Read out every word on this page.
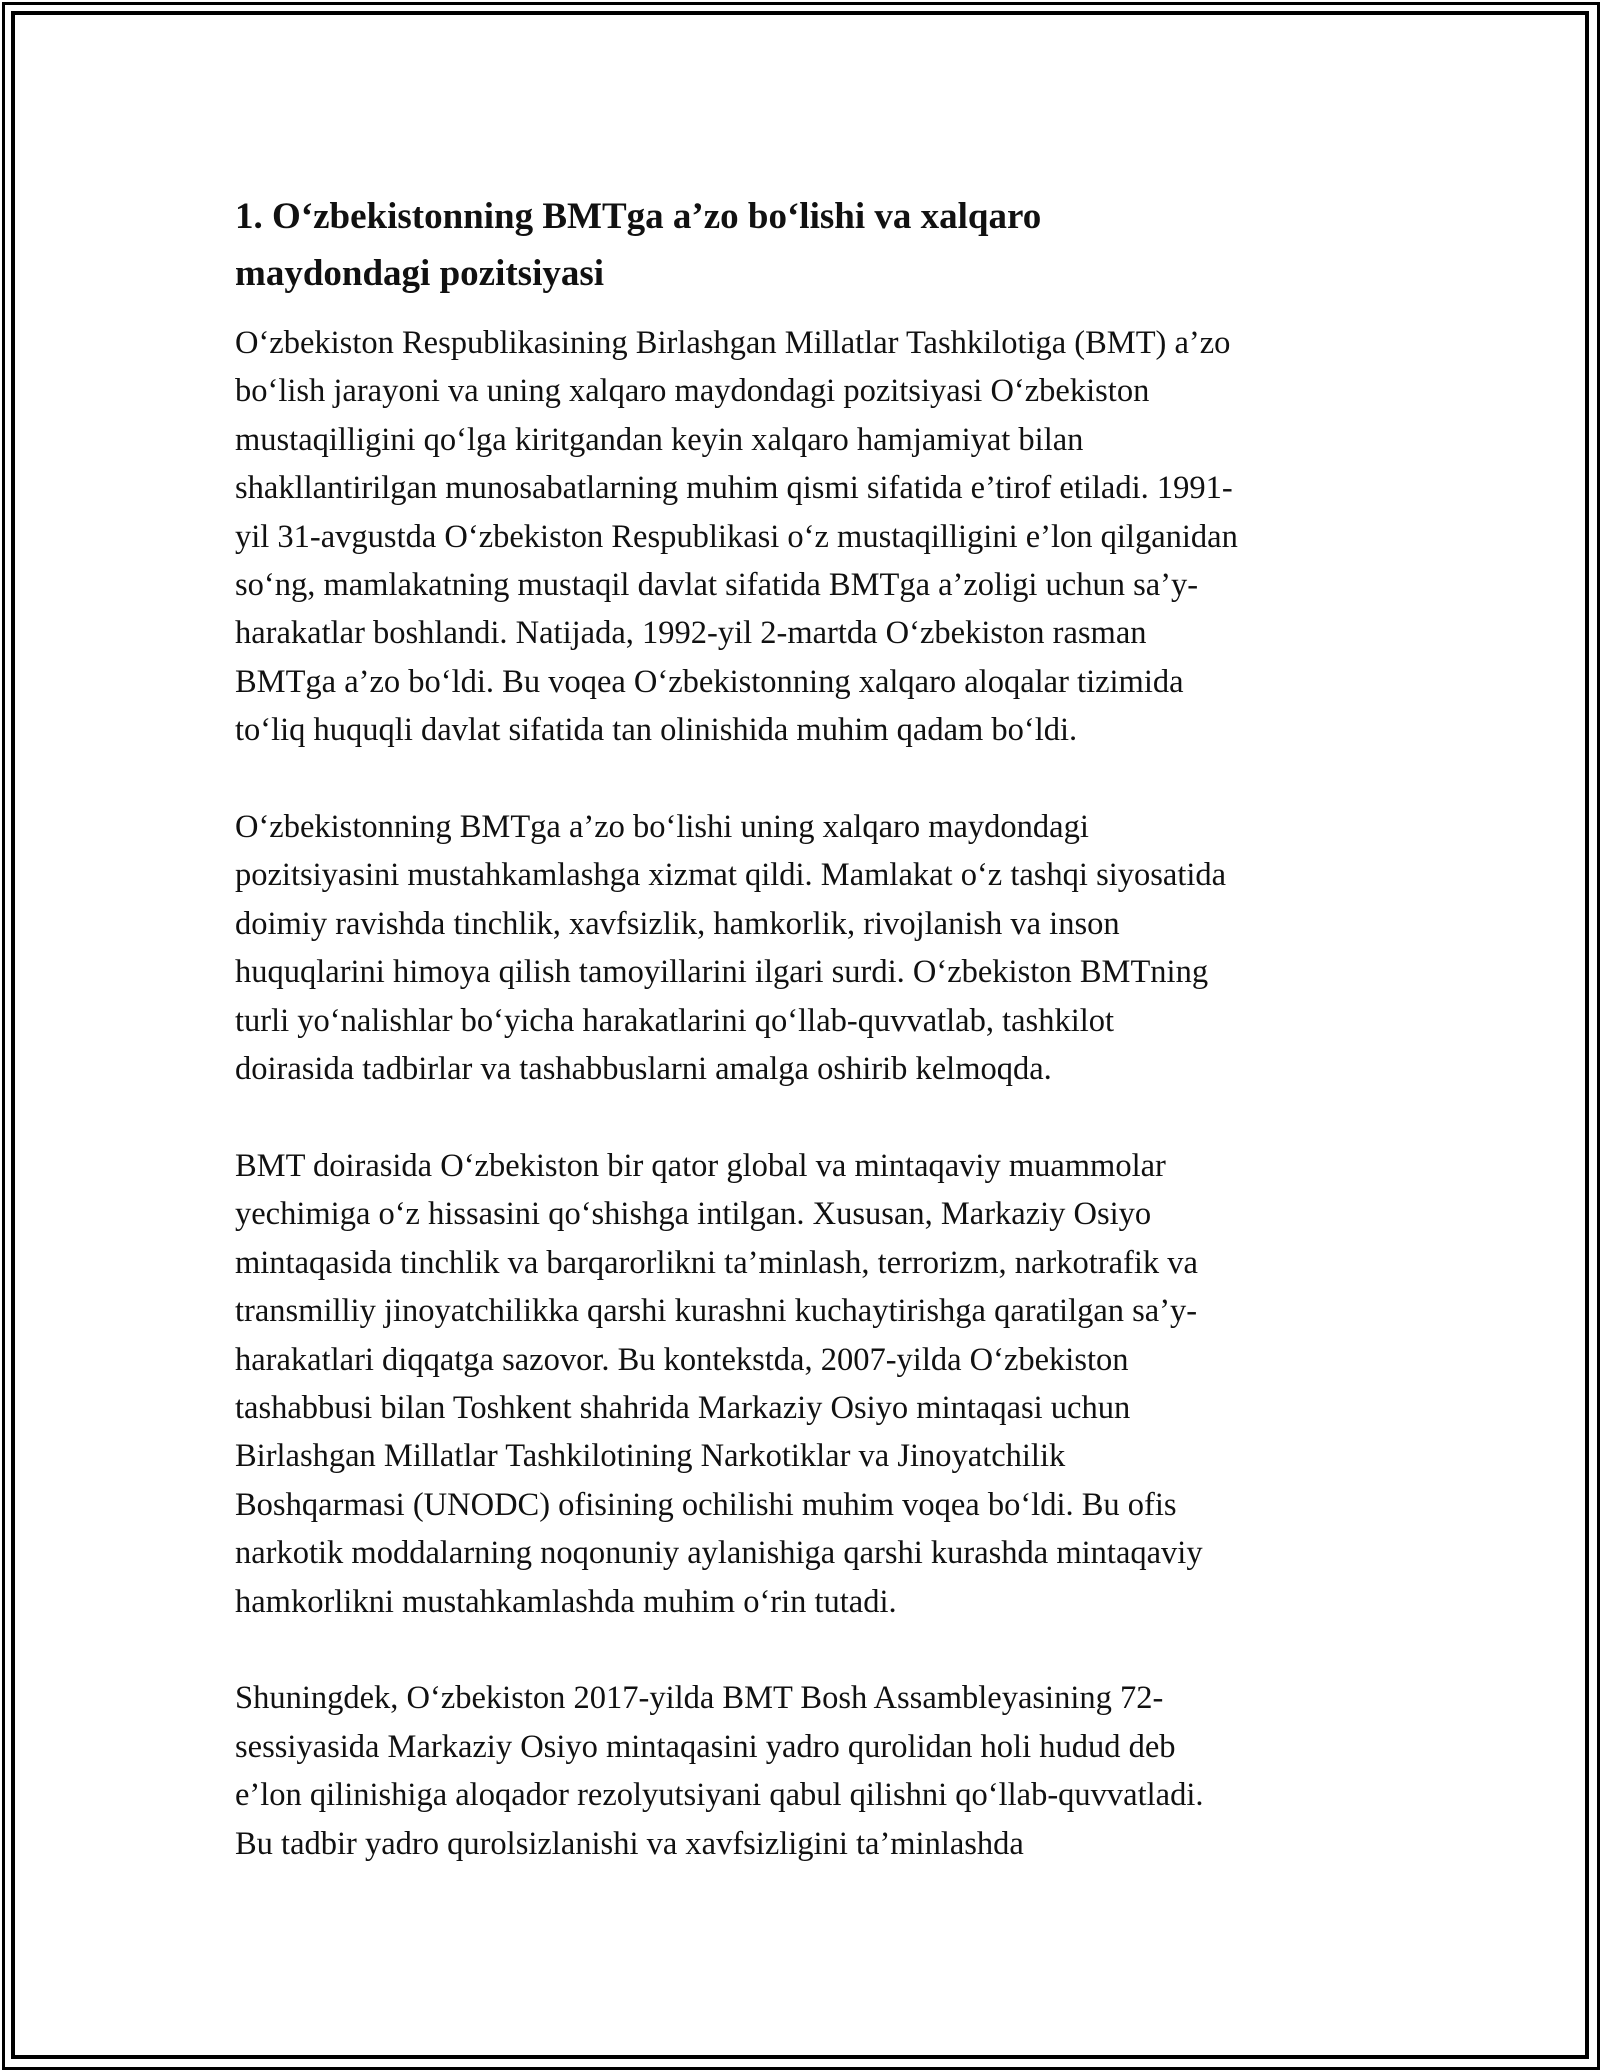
1. O‘zbekistonning BMTga a’zo bo‘lishi va xalqaro
maydondagi pozitsiyasi

O‘zbekiston Respublikasining Birlashgan Millatlar Tashkilotiga (BMT) a’zo
bo‘lish jarayoni va uning xalqaro maydondagi pozitsiyasi O‘zbekiston
mustaqilligini qo‘lga kiritgandan keyin xalqaro hamjamiyat bilan
shakllantirilgan munosabatlarning muhim qismi sifatida e’tirof etiladi. 1991-
yil 31-avgustda O‘zbekiston Respublikasi o‘z mustaqilligini e’lon qilganidan
so‘ng, mamlakatning mustaqil davlat sifatida BMTga a’zoligi uchun sa’y-
harakatlar boshlandi. Natijada, 1992-yil 2-martda O‘zbekiston rasman
BMTga a’zo bo‘ldi. Bu voqea O‘zbekistonning xalqaro aloqalar tizimida
to‘liq huquqli davlat sifatida tan olinishida muhim qadam bo‘ldi.

O‘zbekistonning BMTga a’zo bo‘lishi uning xalqaro maydondagi
pozitsiyasini mustahkamlashga xizmat qildi. Mamlakat o‘z tashqi siyosatida
doimiy ravishda tinchlik, xavfsizlik, hamkorlik, rivojlanish va inson
huquqlarini himoya qilish tamoyillarini ilgari surdi. O‘zbekiston BMTning
turli yo‘nalishlar bo‘yicha harakatlarini qo‘llab-quvvatlab, tashkilot
doirasida tadbirlar va tashabbuslarni amalga oshirib kelmoqda.

BMT doirasida O‘zbekiston bir qator global va mintaqaviy muammolar
yechimiga o‘z hissasini qo‘shishga intilgan. Xususan, Markaziy Osiyo
mintaqasida tinchlik va barqarorlikni ta’minlash, terrorizm, narkotrafik va
transmilliy jinoyatchilikka qarshi kurashni kuchaytirishga qaratilgan sa’y-
harakatlari diqqatga sazovor. Bu kontekstda, 2007-yilda O‘zbekiston
tashabbusi bilan Toshkent shahrida Markaziy Osiyo mintaqasi uchun
Birlashgan Millatlar Tashkilotining Narkotiklar va Jinoyatchilik
Boshqarmasi (UNODC) ofisining ochilishi muhim voqea bo‘ldi. Bu ofis
narkotik moddalarning noqonuniy aylanishiga qarshi kurashda mintaqaviy
hamkorlikni mustahkamlashda muhim o‘rin tutadi.

Shuningdek, O‘zbekiston 2017-yilda BMT Bosh Assambleyasining 72-
sessiyasida Markaziy Osiyo mintaqasini yadro qurolidan holi hudud deb
e’lon qilinishiga aloqador rezolyutsiyani qabul qilishni qo‘llab-quvvatladi.
Bu tadbir yadro qurolsizlanishi va xavfsizligini ta’minlashda
